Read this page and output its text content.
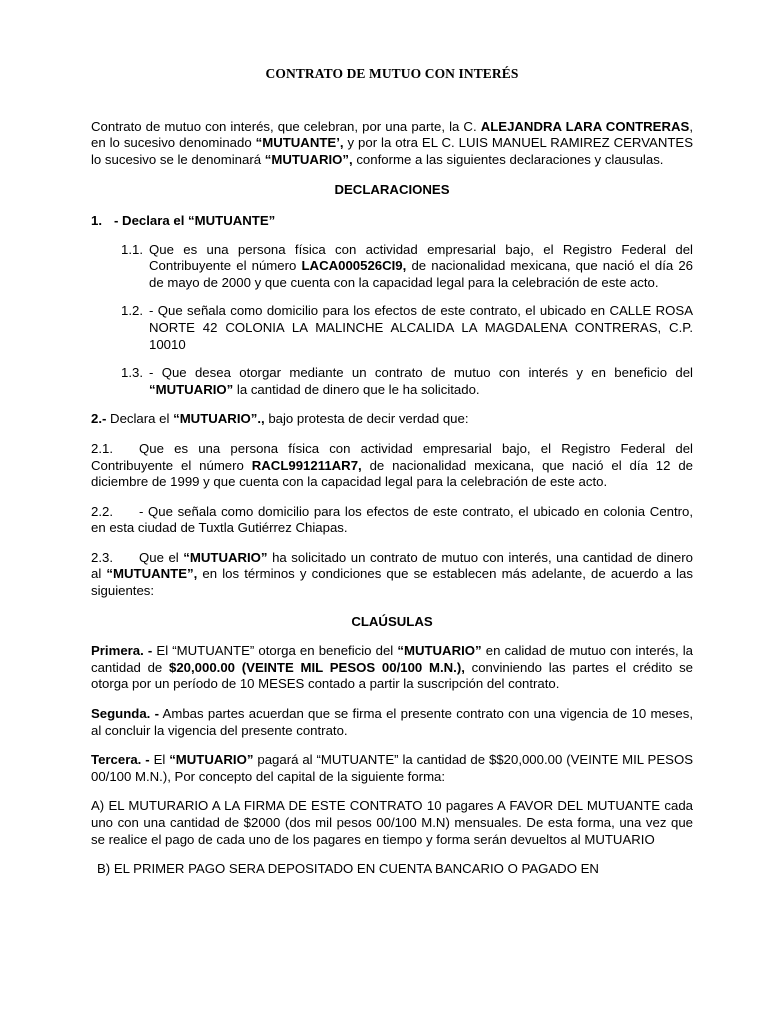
CONTRATO DE MUTUO CON INTERÉS

Contrato de mutuo con interés, que celebran, por una parte, la C. ALEJANDRA LARA CONTRERAS, en lo sucesivo denominado “MUTUANTE’, y por la otra EL C. LUIS MANUEL RAMIREZ CERVANTES lo sucesivo se le denominará “MUTUARIO”, conforme a las siguientes declaraciones y clausulas.

DECLARACIONES
1. - Declara el “MUTUANTE”

1.1. Que es una persona física con actividad empresarial bajo, el Registro Federal del Contribuyente el número LACA000526CI9, de nacionalidad mexicana, que nació el día 26 de mayo de 2000 y que cuenta con la capacidad legal para la celebración de este acto.

1.2. - Que señala como domicilio para los efectos de este contrato, el ubicado en CALLE ROSA NORTE 42 COLONIA LA MALINCHE ALCALIDA LA MAGDALENA CONTRERAS, C.P. 10010

1.3. - Que desea otorgar mediante un contrato de mutuo con interés y en beneficio del “MUTUARIO” la cantidad de dinero que le ha solicitado.

2.- Declara el “MUTUARIO”., bajo protesta de decir verdad que:

2.1. Que es una persona física con actividad empresarial bajo, el Registro Federal del Contribuyente el número RACL991211AR7, de nacionalidad mexicana, que nació el día 12 de diciembre de 1999 y que cuenta con la capacidad legal para la celebración de este acto.

2.2. - Que señala como domicilio para los efectos de este contrato, el ubicado en colonia Centro, en esta ciudad de Tuxtla Gutiérrez Chiapas.

2.3. Que el “MUTUARIO” ha solicitado un contrato de mutuo con interés, una cantidad de dinero al “MUTUANTE”, en los términos y condiciones que se establecen más adelante, de acuerdo a las siguientes:

CLAÚSULAS

Primera. - El “MUTUANTE” otorga en beneficio del “MUTUARIO” en calidad de mutuo con interés, la cantidad de $20,000.00 (VEINTE MIL PESOS 00/100 M.N.), conviniendo las partes el crédito se otorga por un período de 10 MESES contado a partir la suscripción del contrato.

Segunda. - Ambas partes acuerdan que se firma el presente contrato con una vigencia de 10 meses, al concluir la vigencia del presente contrato.

Tercera. - El “MUTUARIO” pagará al “MUTUANTE” la cantidad de $$20,000.00 (VEINTE MIL PESOS 00/100 M.N.), Por concepto del capital de la siguiente forma:

A) EL MUTURARIO A LA FIRMA DE ESTE CONTRATO 10 pagares A FAVOR DEL MUTUANTE cada uno con una cantidad de $2000 (dos mil pesos 00/100 M.N) mensuales. De esta forma, una vez que se realice el pago de cada uno de los pagares en tiempo y forma serán devueltos al MUTUARIO

B) EL PRIMER PAGO SERA DEPOSITADO EN CUENTA BANCARIO O PAGADO EN
